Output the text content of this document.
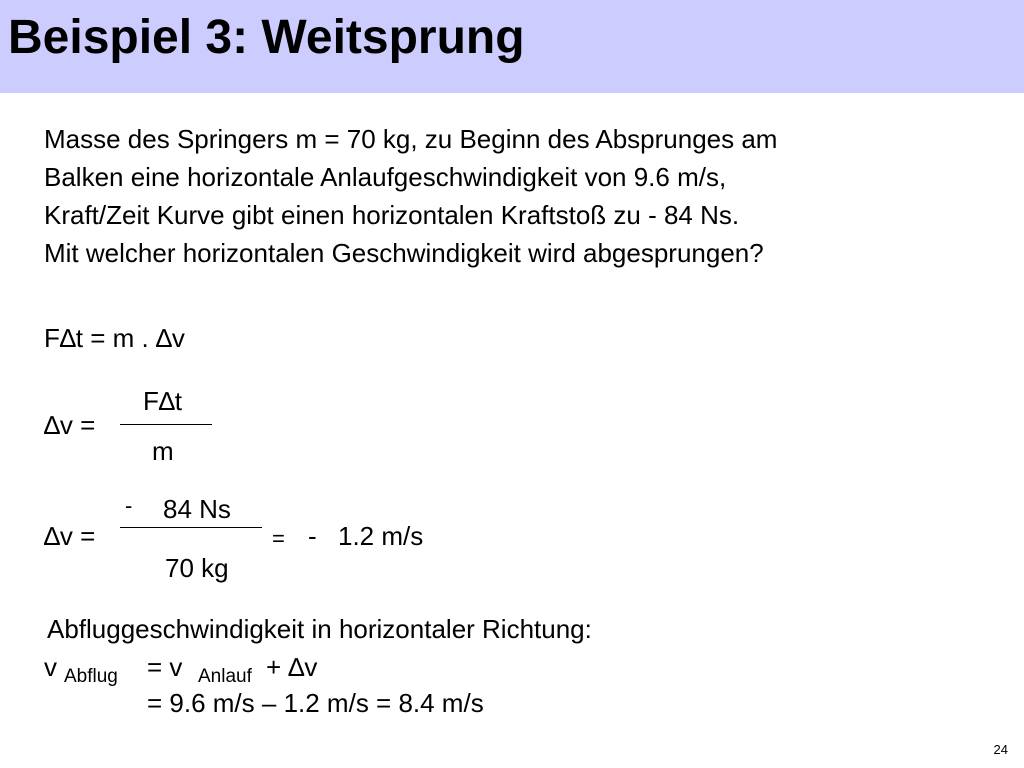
Beispiel 3: Weitsprung
Masse des Springers m = 70 kg, zu Beginn des Absprunges am
Balken eine horizontale Anlaufgeschwindigkeit von 9.6 m/s,
Kraft/Zeit Kurve gibt einen horizontalen Kraftstoß zu - 84 Ns.
Mit welcher horizontalen Geschwindigkeit wird abgesprungen?
F∆t = m . ∆v
∆v =
F∆t
m
∆v =
- 84 Ns
70 kg
= - 1.2 m/s
Abfluggeschwindigkeit in horizontaler Richtung:
v Abflug = v Anlauf + ∆v
= 9.6 m/s – 1.2 m/s = 8.4 m/s
24
